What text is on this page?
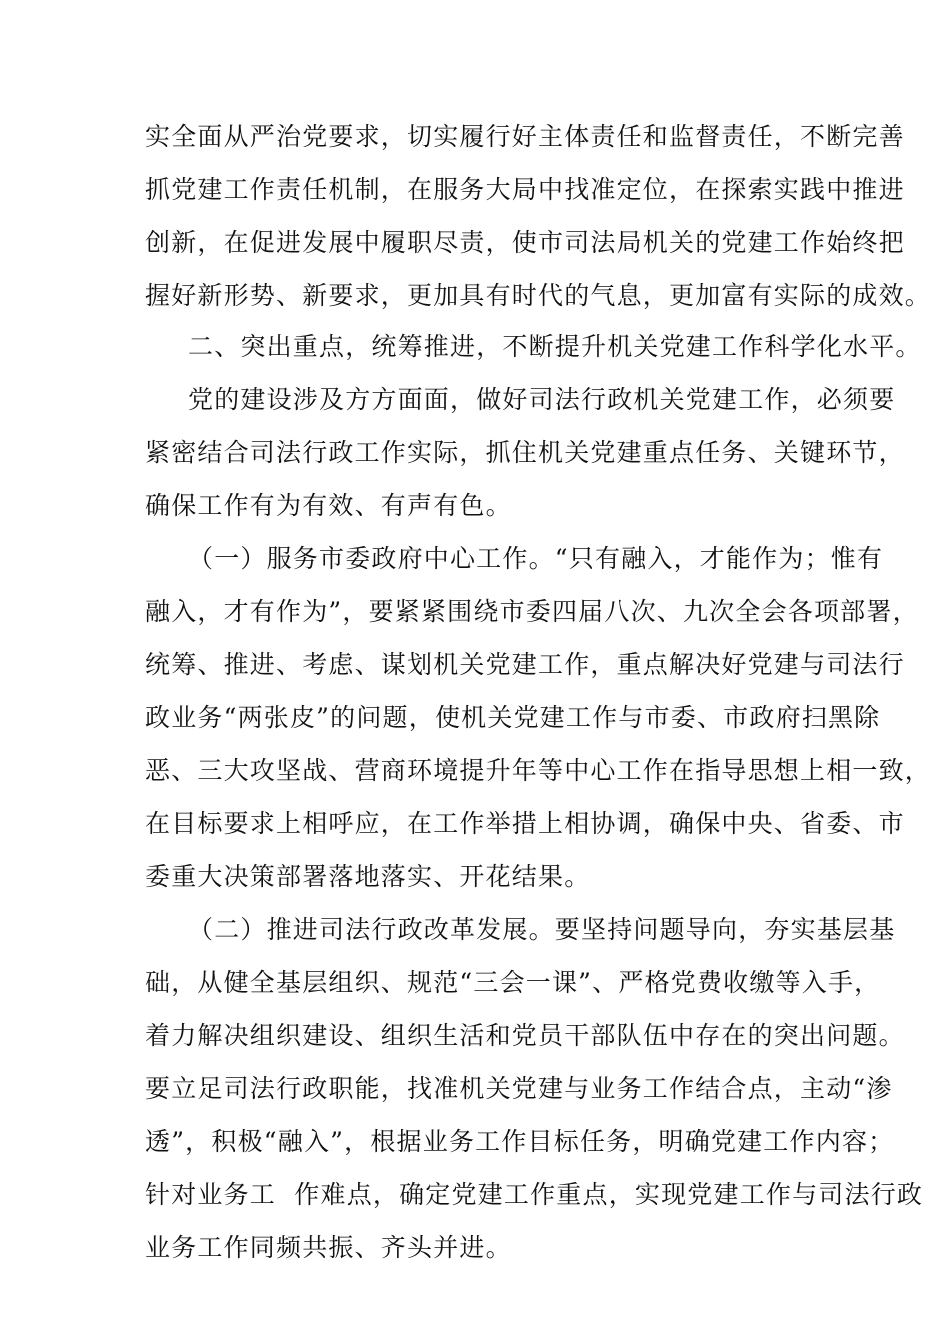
实全面从严治党要求，切实履行好主体责任和监督责任，不断完善
抓党建工作责任机制，在服务大局中找准定位，在探索实践中推进
创新，在促进发展中履职尽责，使市司法局机关的党建工作始终把
握好新形势、新要求，更加具有时代的气息，更加富有实际的成效。
二、突出重点，统筹推进，不断提升机关党建工作科学化水平。
党的建设涉及方方面面，做好司法行政机关党建工作，必须要
紧密结合司法行政工作实际，抓住机关党建重点任务、关键环节，
确保工作有为有效、有声有色。
（一）服务市委政府中心工作。“只有融入，才能作为；惟有
融入，才有作为”，要紧紧围绕市委四届八次、九次全会各项部署，
统筹、推进、考虑、谋划机关党建工作，重点解决好党建与司法行
政业务“两张皮”的问题，使机关党建工作与市委、市政府扫黑除
恶、三大攻坚战、营商环境提升年等中心工作在指导思想上相一致，
在目标要求上相呼应，在工作举措上相协调，确保中央、省委、市
委重大决策部署落地落实、开花结果。
（二）推进司法行政改革发展。要坚持问题导向，夯实基层基
础，从健全基层组织、规范“三会一课”、严格党费收缴等入手，
着力解决组织建设、组织生活和党员干部队伍中存在的突出问题。
要立足司法行政职能，找准机关党建与业务工作结合点，主动“渗
透”，积极“融入”，根据业务工作目标任务，明确党建工作内容；
针对业务工  作难点，确定党建工作重点，实现党建工作与司法行政
业务工作同频共振、齐头并进。
